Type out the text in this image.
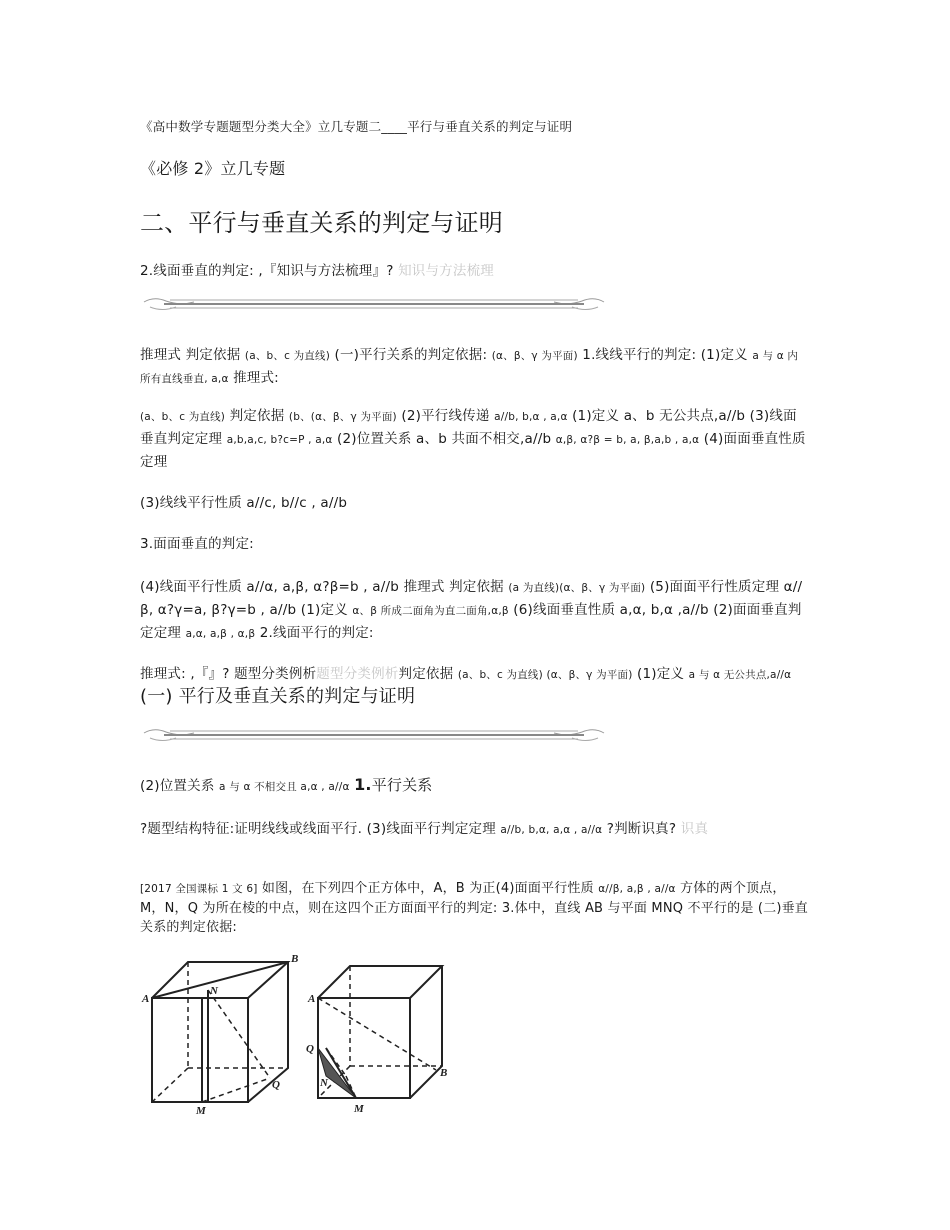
《高中数学专题题型分类大全》立几专题二____平行与垂直关系的判定与证明
《必修 2》立几专题
二、平行与垂直关系的判定与证明
2.线面垂直的判定: ,『知识与方法梳理』? 知识与方法梳理
推理式 判定依据 (a、b、c 为直线) (一)平行关系的判定依据: (α、β、γ 为平面) 1.线线平行的判定: (1)定义 a 与 α 内所有直线垂直, a,α 推理式:
(a、b、c 为直线) 判定依据 (b、(α、β、γ 为平面) (2)平行线传递 a//b, b,α , a,α (1)定义 a、b 无公共点,a//b (3)线面垂直判定定理 a,b,a,c, b?c=P , a,α (2)位置关系 a、b 共面不相交,a//b α,β, α?β = b, a, β,a,b , a,α (4)面面垂直性质定理
(3)线线平行性质 a//c, b//c , a//b
3.面面垂直的判定:
(4)线面平行性质 a//α, a,β, α?β=b , a//b 推理式 判定依据 (a 为直线)(α、β、γ 为平面) (5)面面平行性质定理 α//β, α?γ=a, β?γ=b , a//b (1)定义 α、β 所成二面角为直二面角,α,β (6)线面垂直性质 a,α, b,α ,a//b (2)面面垂直判定定理 a,α, a,β , α,β 2.线面平行的判定:
推理式: ,『』? 题型分类例析题型分类例析判定依据 (a、b、c 为直线) (α、β、γ 为平面) (1)定义 a 与 α 无公共点,a//α (一) 平行及垂直关系的判定与证明
(2)位置关系 a 与 α 不相交且 a,α , a//α 1.平行关系
?题型结构特征:证明线线或线面平行. (3)线面平行判定定理 a//b, b,α, a,α , a//α ?判断识真? 识真
[2017 全国课标 1 文 6] 如图，在下列四个正方体中，A，B 为正(4)面面平行性质 α//β, a,β , a//α 方体的两个顶点，M，N，Q 为所在棱的中点，则在这四个正方面面平行的判定: 3.体中，直线 AB 与平面 MNQ 不平行的是 (二)垂直关系的判定依据:
A
B
N
Q
M
A
B
N
Q
M
